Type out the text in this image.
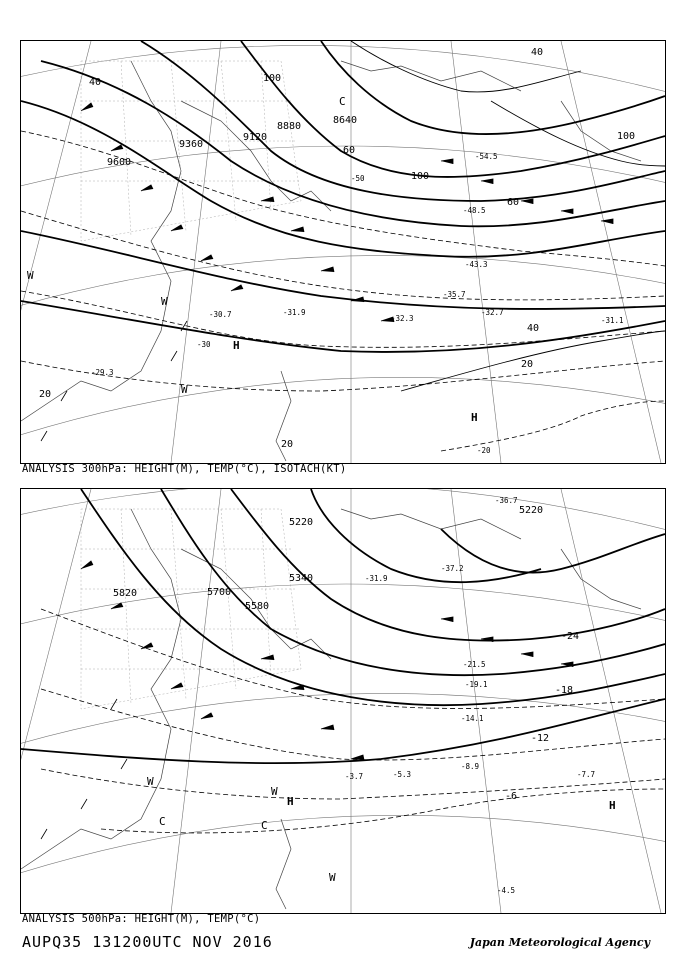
9600
9360
9120
8880
8640
40	100
60
100
100
60
40
20
40
20
20
-30.7	-31.9
-32.3
-35.7
-43.3
-48.5
-54.5
-29.3
-31.1
-32.7
-20
-30
-50
H
H
W
W
W
C
ANALYSIS 300hPa: HEIGHT(M), TEMP(°C), ISOTACH(KT)
5820	5700
5580
5340
5220
5220
-24
-18
-12
-6
-21.5
-19.1
-14.1
-8.9
-7.7
-5.3
-4.5
-3.7
-31.9
-37.2
-36.7
H	H
W
W
W
C	C
ANALYSIS 500hPa: HEIGHT(M), TEMP(°C)
AUPQ35 131200UTC NOV 2016	Japan Meteorological Agency
